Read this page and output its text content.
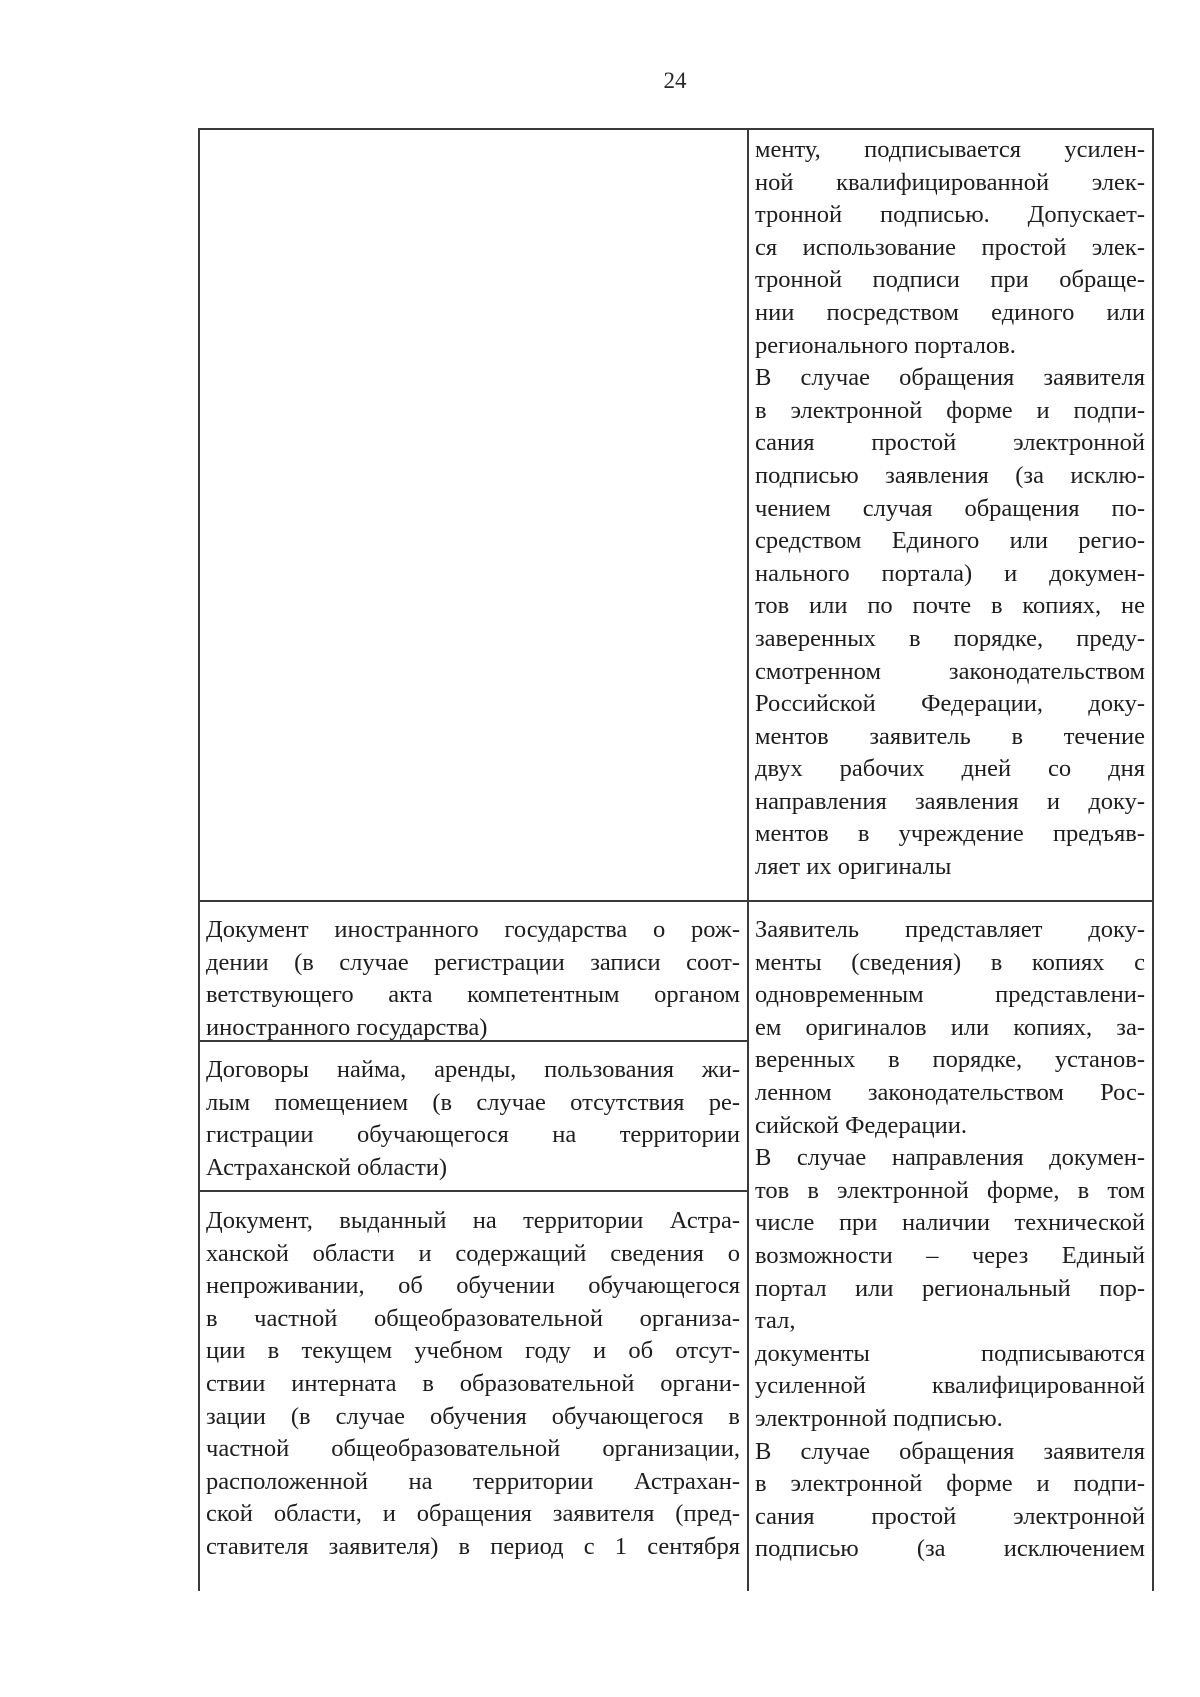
24

менту, подписывается усилен-
ной квалифицированной элек-
тронной подписью. Допускает-
ся использование простой элек-
тронной подписи при обраще-
нии посредством единого или
регионального порталов.

В случае обращения заявителя
в электронной форме и подпи-
сания простой электронной
подписью заявления (за исклю-
чением случая обращения по-
средством Единого или регио-
нального портала) и докумен-
тов или по почте в копиях, не
заверенных в порядке, преду-
смотренном законодательством
Российской Федерации, доку-
ментов заявитель в течение
двух рабочих дней со дня
направления заявления и доку-
ментов в учреждение предъяв-
ляет их оригиналы

Документ иностранного государства о рож-
дении (в случае регистрации записи соот-
ветствующего акта компетентным органом
иностранного государства)
Договоры найма, аренды, пользования жи-
лым помещением (в случае отсутствия ре-
гистрации обучающегося на территории
Астраханской области)
Документ, выданный на территории Астра-
ханской области и содержащий сведения о
непроживании, об обучении обучающегося
в частной общеобразовательной организа-
ции в текущем учебном году и об отсут-
ствии интерната в образовательной органи-
зации (в случае обучения обучающегося в
частной общеобразовательной организации,
расположенной на территории Астрахан-
ской области, и обращения заявителя (пред-
ставителя заявителя) в период с 1 сентября

Заявитель представляет доку-
менты (сведения) в копиях с
одновременным представлени-
ем оригиналов или копиях, за-
веренных в порядке, установ-
ленном законодательством Рос-
сийской Федерации.

В случае направления докумен-
тов в электронной форме, в том
числе при наличии технической
возможности – через Единый
портал или региональный пор-
тал,

документы подписываются
усиленной квалифицированной
электронной подписью.

В случае обращения заявителя
в электронной форме и подпи-
сания простой электронной
подписью (за исключением
